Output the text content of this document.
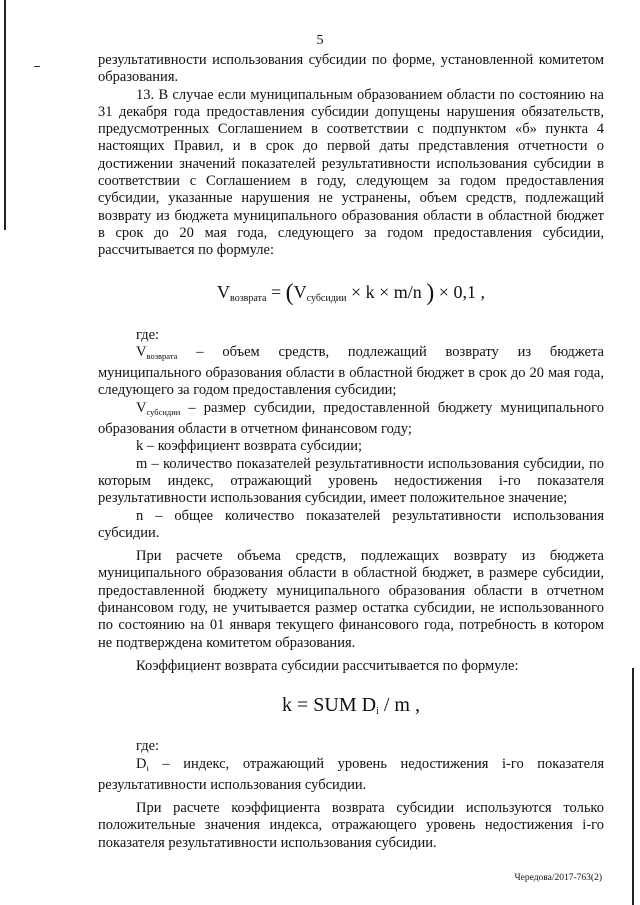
5

результативности использования субсидии по форме, установленной комитетом образования.

13. В случае если муниципальным образованием области по состоянию на 31 декабря года предоставления субсидии допущены нарушения обязательств, предусмотренных Соглашением в соответствии с подпунктом «б» пункта 4 настоящих Правил, и в срок до первой даты представления отчетности о достижении значений показателей результативности использования субсидии в соответствии с Соглашением в году, следующем за годом предоставления субсидии, указанные нарушения не устранены, объем средств, подлежащий возврату из бюджета муниципального образования области в областной бюджет в срок до 20 мая года, следующего за годом предоставления субсидии, рассчитывается по формуле:

$V_{возврата} = (V_{субсидии} \times k \times m/n$ ) × 0,1 ,

где:

$V_{возврата}$ – объем средств, подлежащий возврату из бюджета муниципального образования области в областной бюджет в срок до 20 мая года, следующего за годом предоставления субсидии;

$V_{субсидии}$ – размер субсидии, предоставленной бюджету муниципального образования области в отчетном финансовом году;

k – коэффициент возврата субсидии;

m – количество показателей результативности использования субсидии, по которым индекс, отражающий уровень недостижения i-го показателя результативности использования субсидии, имеет положительное значение;

n – общее количество показателей результативности использования субсидии.

При расчете объема средств, подлежащих возврату из бюджета муниципального образования области в областной бюджет, в размере субсидии, предоставленной бюджету муниципального образования области в отчетном финансовом году, не учитывается размер остатка субсидии, не использованного по состоянию на 01 января текущего финансового года, потребность в котором не подтверждена комитетом образования.

Коэффициент возврата субсидии рассчитывается по формуле:

k = SUM $D_i$ / m ,

где:

$D_i$ – индекс, отражающий уровень недостижения i-го показателя результативности использования субсидии.

При расчете коэффициента возврата субсидии используются только положительные значения индекса, отражающего уровень недостижения i-го показателя результативности использования субсидии.

Чередова/2017-763(2)
